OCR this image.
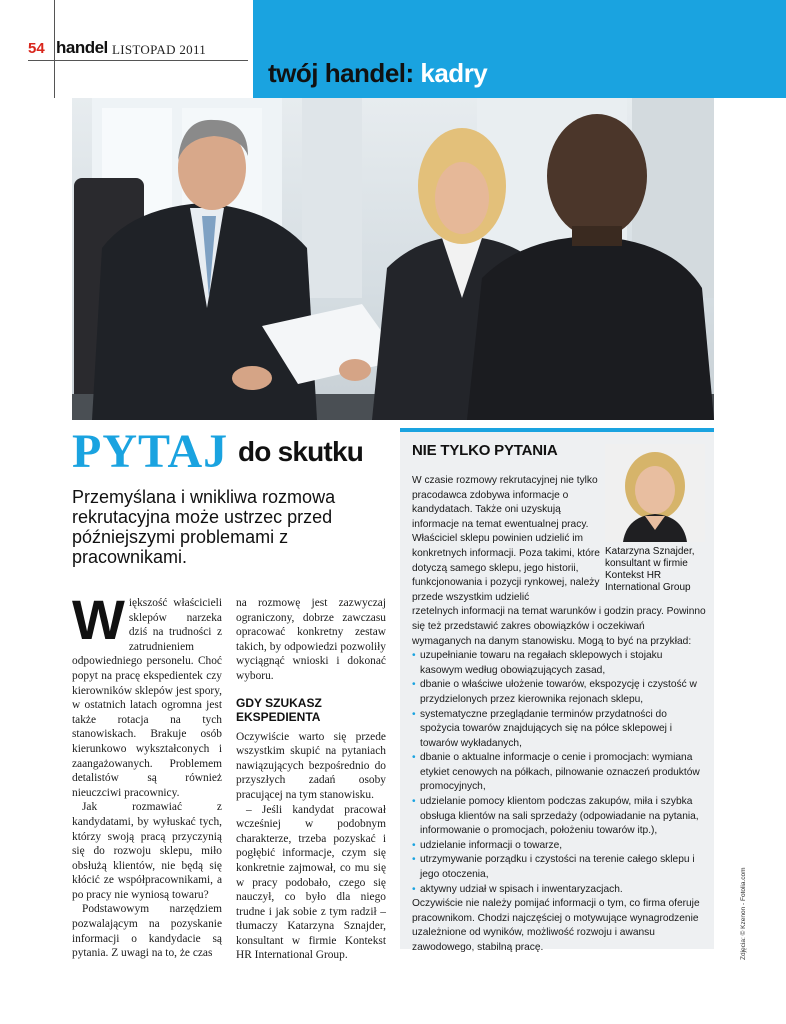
54 handel LISTOPAD 2011
twój handel: kadry
PYTAJ do skutku

Przemyślana i wnikliwa rozmowa rekrutacyjna może ustrzec przed późniejszymi problemami z pracownikami.

Większość właścicieli sklepów narzeka dziś na trudności z zatrudnieniem odpowiedniego personelu. Choć popyt na pracę ekspedientek czy kierowników sklepów jest spory, w ostatnich latach ogromna jest także rotacja na tych stanowiskach. Brakuje osób kierunkowo wykształconych i zaangażowanych. Problemem detalistów są również nieuczciwi pracownicy.

Jak rozmawiać z kandydatami, by wyłuskać tych, którzy swoją pracą przyczynią się do rozwoju sklepu, miło obsłużą klientów, nie będą się kłócić ze współpracownikami, a po pracy nie wyniosą towaru?

Podstawowym narzędziem pozwalającym na pozyskanie informacji o kandydacie są pytania. Z uwagi na to, że czas

na rozmowę jest zazwyczaj ograniczony, dobrze zawczasu opracować konkretny zestaw takich, by odpowiedzi pozwoliły wyciągnąć wnioski i dokonać wyboru.

GDY SZUKASZ EKSPEDIENTA

Oczywiście warto się przede wszystkim skupić na pytaniach nawiązujących bezpośrednio do przyszłych zadań osoby pracującej na tym stanowisku.

– Jeśli kandydat pracował wcześniej w podobnym charakterze, trzeba pozyskać i pogłębić informacje, czym się konkretnie zajmował, co mu się w pracy podobało, czego się nauczył, co było dla niego trudne i jak sobie z tym radził – tłumaczy Katarzyna Sznajder, konsultant w firmie Kontekst HR International Group.

NIE TYLKO PYTANIA

Katarzyna Sznajder, konsultant w firmie Kontekst HR International Group

W czasie rozmowy rekrutacyjnej nie tylko pracodawca zdobywa informacje o kandydatach. Także oni uzyskują informacje na temat ewentualnej pracy. Właściciel sklepu powinien udzielić im konkretnych informacji. Poza takimi, które dotyczą samego sklepu, jego historii, funkcjonowania i pozycji rynkowej, należy przede wszystkim udzielić

rzetelnych informacji na temat warunków i godzin pracy. Powinno się też przedstawić zakres obowiązków i oczekiwań wymaganych na danym stanowisku. Mogą to być na przykład:

• uzupełnianie towaru na regałach sklepowych i stojaku kasowym według obowiązujących zasad,
• dbanie o właściwe ułożenie towarów, ekspozycję i czystość w przydzielonych przez kierownika rejonach sklepu,
• systematyczne przeglądanie terminów przydatności do spożycia towarów znajdujących się na półce sklepowej i towarów wykładanych,
• dbanie o aktualne informacje o cenie i promocjach: wymiana etykiet cenowych na półkach, pilnowanie oznaczeń produktów promocyjnych,
• udzielanie pomocy klientom podczas zakupów, miła i szybka obsługa klientów na sali sprzedaży (odpowiadanie na pytania, informowanie o promocjach, położeniu towarów itp.),
• udzielanie informacji o towarze,
• utrzymywanie porządku i czystości na terenie całego sklepu i jego otoczenia,
• aktywny udział w spisach i inwentaryzacjach.

Oczywiście nie należy pomijać informacji o tym, co firma oferuje pracownikom. Chodzi najczęściej o motywujące wynagrodzenie uzależnione od wyników, możliwość rozwoju i awansu zawodowego, stabilną pracę.	Zdjęcia: © Kzenon - Fotolia.com
